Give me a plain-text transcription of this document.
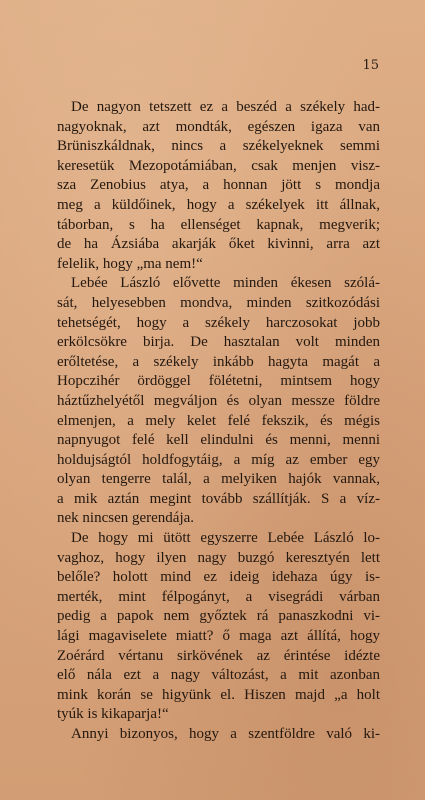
15
De nagyon tetszett ez a beszéd a székely had-
nagyoknak, azt mondták, egészen igaza van
Brüniszkáldnak, nincs a székelyeknek semmi
keresetük Mezopotámiában, csak menjen visz-
sza Zenobius atya, a honnan jött s mondja
meg a küldőinek, hogy a székelyek itt állnak,
táborban, s ha ellenséget kapnak, megverik;
de ha Ázsiába akarják őket kivinni, arra azt
felelik, hogy „ma nem!“
Lebée László elővette minden ékesen szólá-
sát, helyesebben mondva, minden szitkozódási
tehetségét, hogy a székely harczosokat jobb
erkölcsökre birja. De hasztalan volt minden
erőltetése, a székely inkább hagyta magát a
Hopczihér ördöggel fölétetni, mintsem hogy
háztűzhelyétől megváljon és olyan messze földre
elmenjen, a mely kelet felé fekszik, és mégis
napnyugot felé kell elindulni és menni, menni
holdujságtól holdfogytáig, a míg az ember egy
olyan tengerre talál, a melyiken hajók vannak,
a mik aztán megint tovább szállítják. S a víz-
nek nincsen gerendája.
De hogy mi ütött egyszerre Lebée László lo-
vaghoz, hogy ilyen nagy buzgó keresztyén lett
belőle? holott mind ez ideig idehaza úgy is-
merték, mint félpogányt, a visegrádi várban
pedig a papok nem győztek rá panaszkodni vi-
lági magaviselete miatt? ő maga azt állítá, hogy
Zoérárd vértanu sirkövének az érintése idézte
elő nála ezt a nagy változást, a mit azonban
mink korán se higyünk el. Hiszen majd „a holt
tyúk is kikaparja!“
Annyi bizonyos, hogy a szentföldre való ki-
